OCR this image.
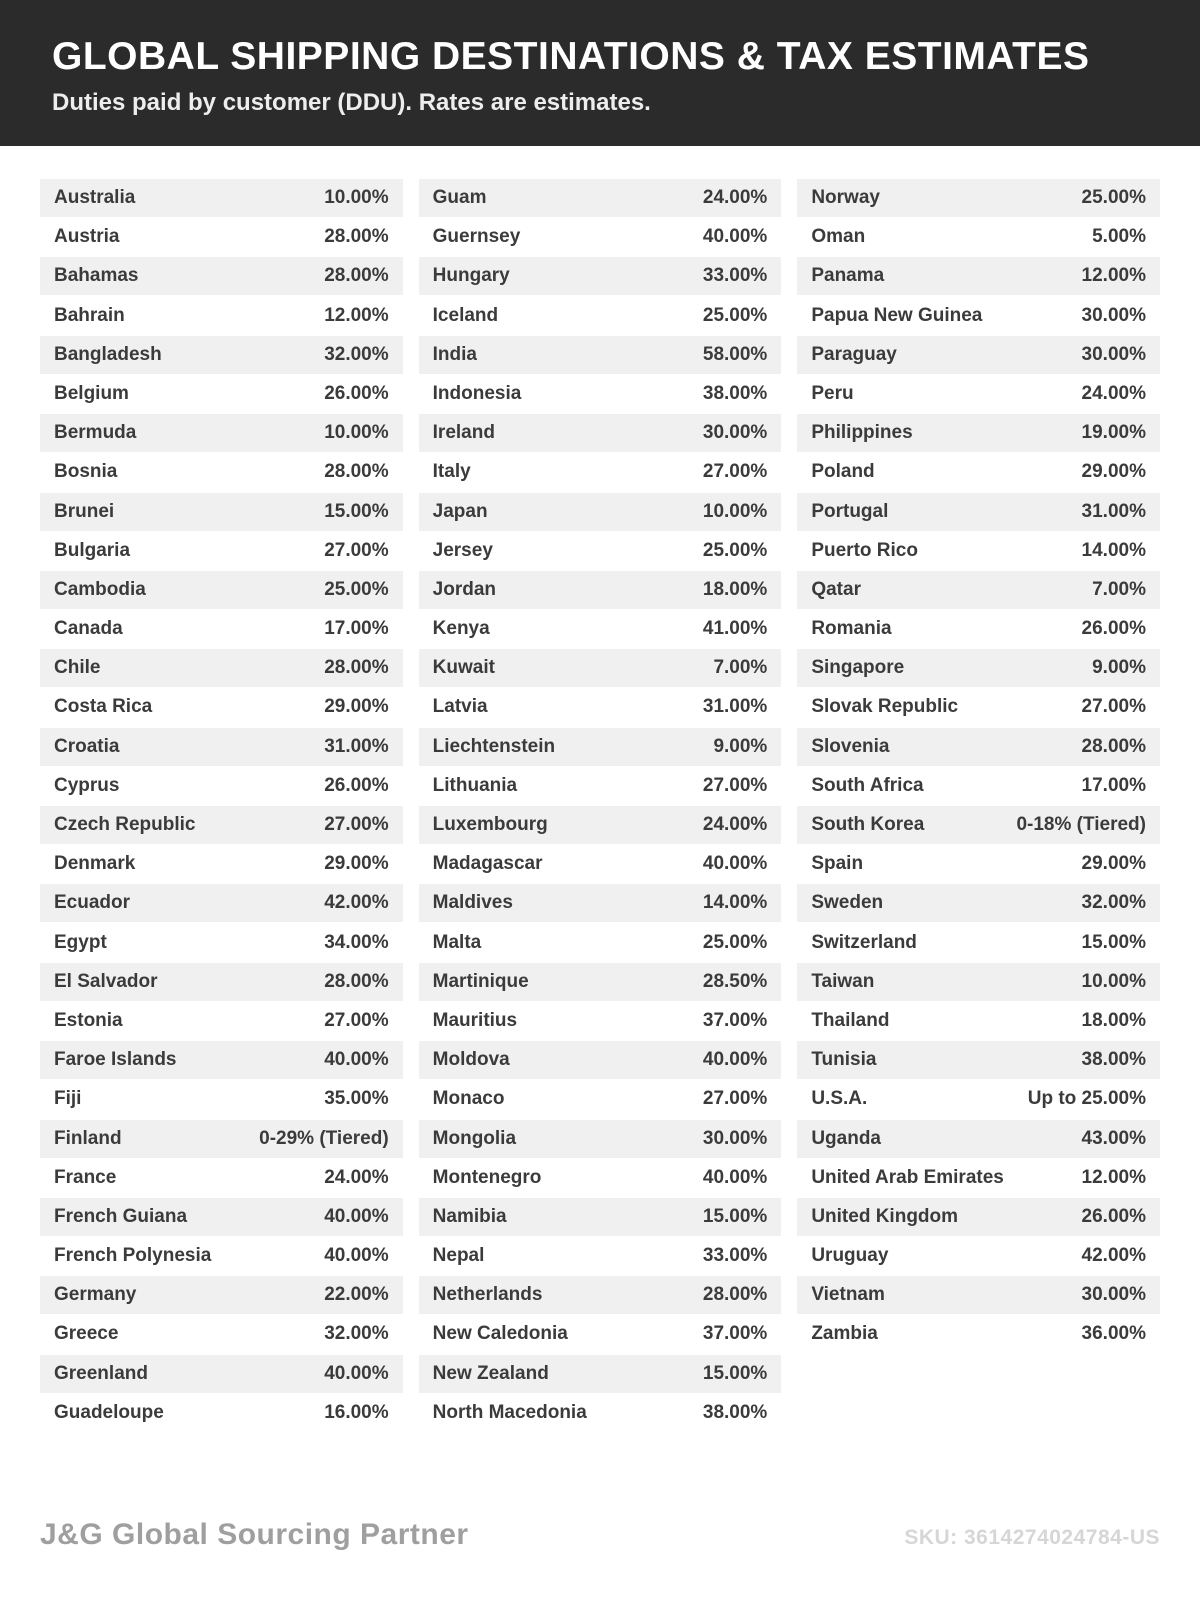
GLOBAL SHIPPING DESTINATIONS & TAX ESTIMATES
Duties paid by customer (DDU). Rates are estimates.
Australia	10.00%
Austria	28.00%
Bahamas	28.00%
Bahrain	12.00%
Bangladesh	32.00%
Belgium	26.00%
Bermuda	10.00%
Bosnia	28.00%
Brunei	15.00%
Bulgaria	27.00%
Cambodia	25.00%
Canada	17.00%
Chile	28.00%
Costa Rica	29.00%
Croatia	31.00%
Cyprus	26.00%
Czech Republic	27.00%
Denmark	29.00%
Ecuador	42.00%
Egypt	34.00%
El Salvador	28.00%
Estonia	27.00%
Faroe Islands	40.00%
Fiji	35.00%
Finland	0-29% (Tiered)
France	24.00%
French Guiana	40.00%
French Polynesia	40.00%
Germany	22.00%
Greece	32.00%
Greenland	40.00%
Guadeloupe	16.00%
Guam	24.00%
Guernsey	40.00%
Hungary	33.00%
Iceland	25.00%
India	58.00%
Indonesia	38.00%
Ireland	30.00%
Italy	27.00%
Japan	10.00%
Jersey	25.00%
Jordan	18.00%
Kenya	41.00%
Kuwait	7.00%
Latvia	31.00%
Liechtenstein	9.00%
Lithuania	27.00%
Luxembourg	24.00%
Madagascar	40.00%
Maldives	14.00%
Malta	25.00%
Martinique	28.50%
Mauritius	37.00%
Moldova	40.00%
Monaco	27.00%
Mongolia	30.00%
Montenegro	40.00%
Namibia	15.00%
Nepal	33.00%
Netherlands	28.00%
New Caledonia	37.00%
New Zealand	15.00%
North Macedonia	38.00%
Norway	25.00%
Oman	5.00%
Panama	12.00%
Papua New Guinea	30.00%
Paraguay	30.00%
Peru	24.00%
Philippines	19.00%
Poland	29.00%
Portugal	31.00%
Puerto Rico	14.00%
Qatar	7.00%
Romania	26.00%
Singapore	9.00%
Slovak Republic	27.00%
Slovenia	28.00%
South Africa	17.00%
South Korea	0-18% (Tiered)
Spain	29.00%
Sweden	32.00%
Switzerland	15.00%
Taiwan	10.00%
Thailand	18.00%
Tunisia	38.00%
U.S.A.	Up to 25.00%
Uganda	43.00%
United Arab Emirates	12.00%
United Kingdom	26.00%
Uruguay	42.00%
Vietnam	30.00%
Zambia	36.00%
J&G Global Sourcing Partner	SKU: 3614274024784-US
